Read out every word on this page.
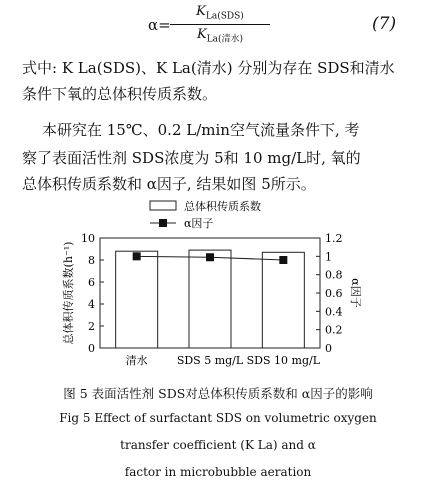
α=
$K_{La(SDS)}$
$K_{La(清水)}$
(7)
式中: K La(SDS)、K La(清水) 分别为存在 SDS和清水
条件下氧的总体积传质系数。
本研究在 15℃、0.2 L/min空气流量条件下, 考
察了表面活性剂 SDS浓度为 5和 10 mg/L时, 氧的
总体积传质系数和 α因子, 结果如图 5所示。
总体积传质系数
α因子
0
2
4
6
8
10
0
0.2
0.4
0.6
0.8
1
1.2
总体积传质系数(h⁻¹)	α因子
清水	SDS 5 mg/L SDS 10 mg/L
图 5 表面活性剂 SDS对总体积传质系数和 α因子的影响
Fig 5 Effect of surfactant SDS on volumetric oxygen
transfer coefficient (K La) and α
factor in microbubble aeration
